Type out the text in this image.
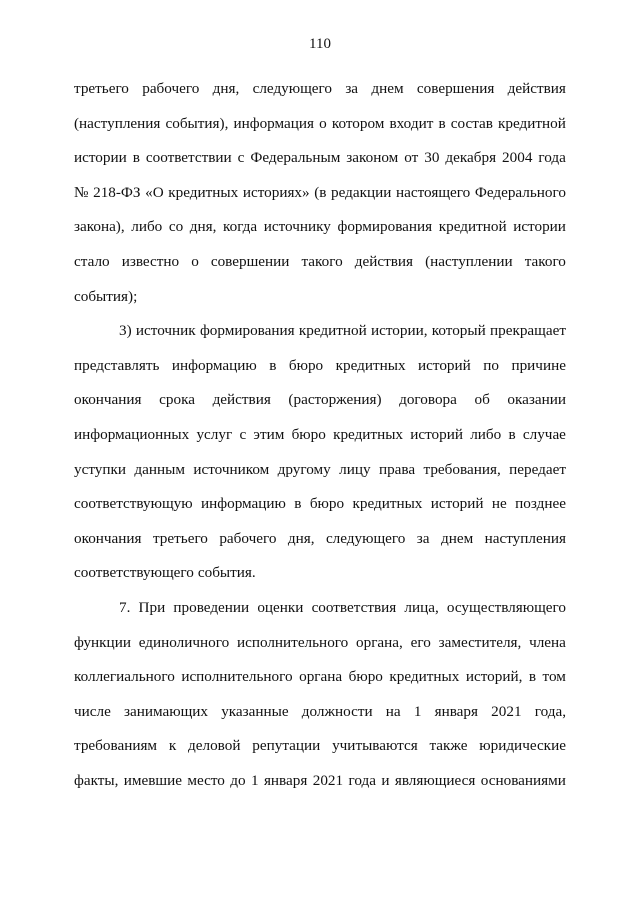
110
третьего рабочего дня, следующего за днем совершения действия
(наступления события), информация о котором входит в состав кредитной
истории в соответствии с Федеральным законом от 30 декабря 2004 года
№ 218-ФЗ «О кредитных историях» (в редакции настоящего Федерального
закона), либо со дня, когда источнику формирования кредитной истории
стало известно о совершении такого действия (наступлении такого
события);
3) источник формирования кредитной истории, который прекращает
представлять информацию в бюро кредитных историй по причине
окончания срока действия (расторжения) договора об оказании
информационных услуг с этим бюро кредитных историй либо в случае
уступки данным источником другому лицу права требования, передает
соответствующую информацию в бюро кредитных историй не позднее
окончания третьего рабочего дня, следующего за днем наступления
соответствующего события.
7. При проведении оценки соответствия лица, осуществляющего
функции единоличного исполнительного органа, его заместителя, члена
коллегиального исполнительного органа бюро кредитных историй, в том
числе занимающих указанные должности на 1 января 2021 года,
требованиям к деловой репутации учитываются также юридические
факты, имевшие место до 1 января 2021 года и являющиеся основаниями
